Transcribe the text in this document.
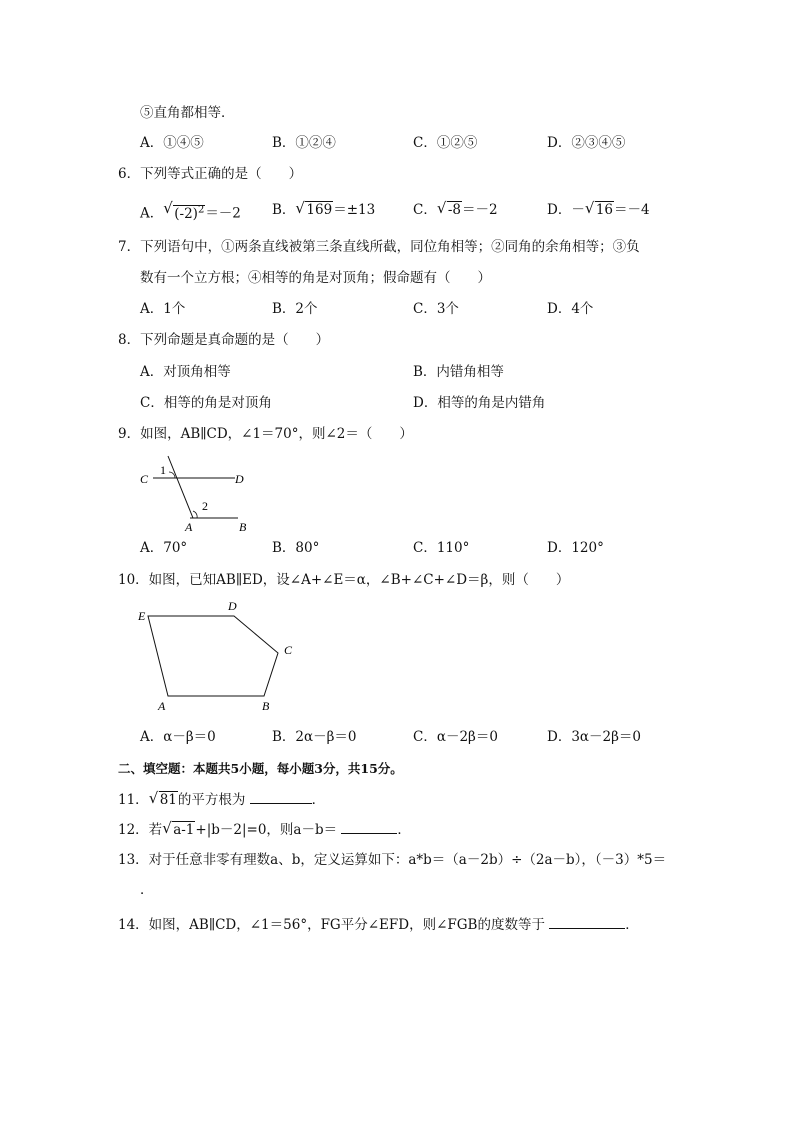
⑤直角都相等．
A．①④⑤	B．①②④	C．①②⑤	D．②③④⑤
6．下列等式正确的是（　　）
A． √ $(-2)^2=-2$ B． √ 169＝±13	C． √ -8＝－2	D．－ √ 16＝－4
7．下列语句中，①两条直线被第三条直线所截，同位角相等；②同角的余角相等；③负
数有一个立方根；④相等的角是对顶角；假命题有（　　）
A．1个	B．2个	C．3个	D．4个
8．下列命题是真命题的是（　　）
A．对顶角相等	B．内错角相等
C．相等的角是对顶角	D．相等的角是内错角
9．如图，AB∥CD，∠1＝70°，则∠2＝（　　）
C	D
1
2
A	B
A．70°	B．80°	C．110°	D．120°
10．如图，已知AB∥ED，设∠A+∠E＝α，∠B+∠C+∠D＝β，则（　　）
E
D
C
A	B
A．α－β＝0	B．2α－β＝0	C．α－2β＝0	D．3α－2β＝0
二、填空题：本题共5小题，每小题3分，共15分。
11． √ 81的平方根为	．
12．若 √ a-1+|b－2|=0，则a－b＝	．
13．对于任意非零有理数a、b，定义运算如下：a*b＝（a－2b）÷（2a－b），（－3）*5＝
．
14．如图，AB∥CD，∠1＝56°，FG平分∠EFD，则∠FGB的度数等于	．
